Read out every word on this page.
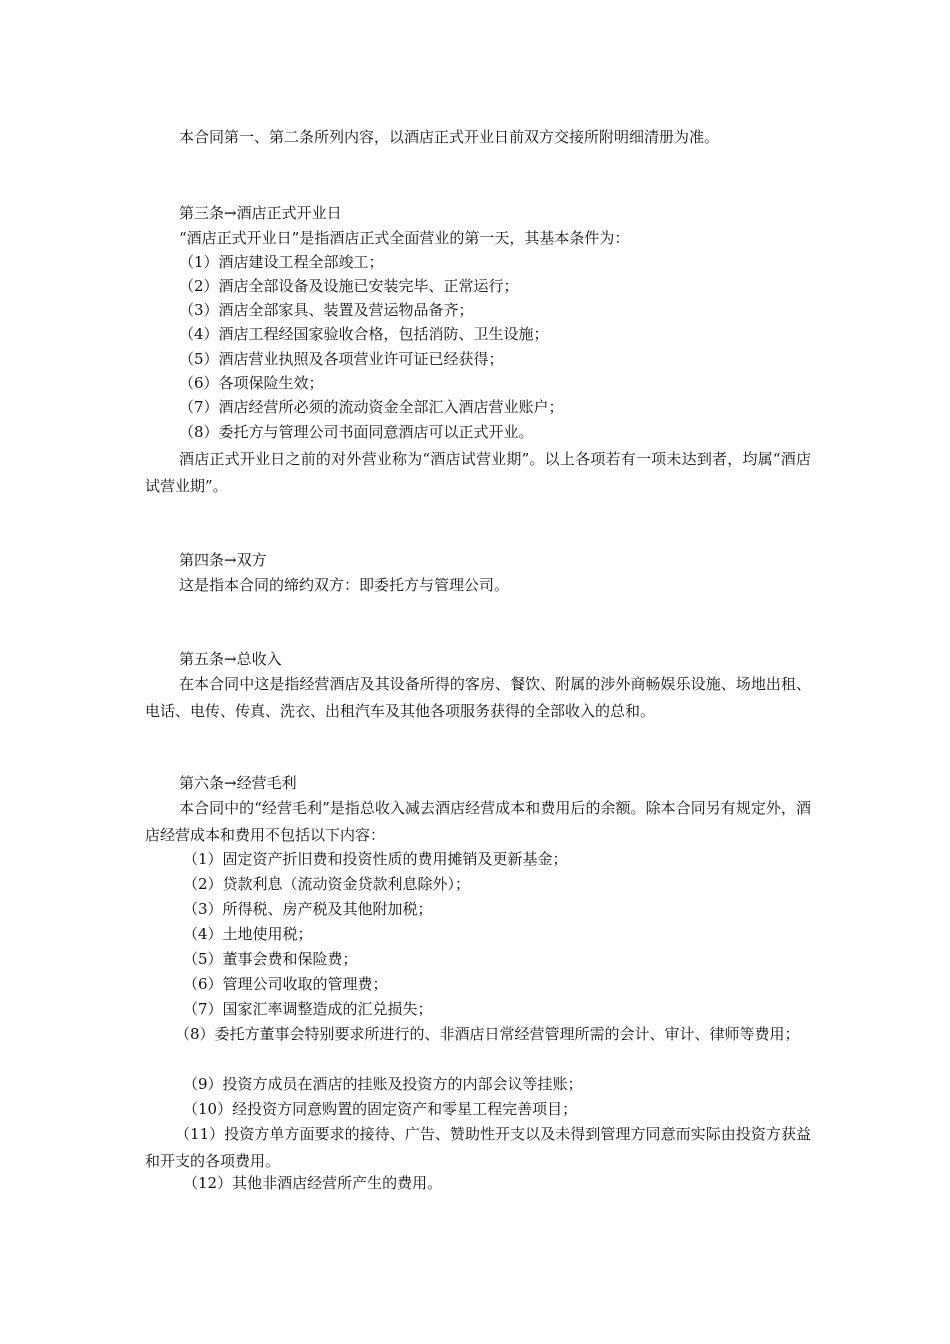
本合同第一、第二条所列内容，以酒店正式开业日前双方交接所附明细清册为准。

第三条→酒店正式开业日

“酒店正式开业日”是指酒店正式全面营业的第一天，其基本条件为：

（1）酒店建设工程全部竣工；

（2）酒店全部设备及设施已安装完毕、正常运行；

（3）酒店全部家具、装置及营运物品备齐；

（4）酒店工程经国家验收合格，包括消防、卫生设施；

（5）酒店营业执照及各项营业许可证已经获得；

（6）各项保险生效；

（7）酒店经营所必须的流动资金全部汇入酒店营业账户；

（8）委托方与管理公司书面同意酒店可以正式开业。

酒店正式开业日之前的对外营业称为“酒店试营业期”。以上各项若有一项未达到者，均属“酒店试营业期”。

第四条→双方

这是指本合同的缔约双方：即委托方与管理公司。

第五条→总收入

在本合同中这是指经营酒店及其设备所得的客房、餐饮、附属的涉外商畅娱乐设施、场地出租、电话、电传、传真、洗衣、出租汽车及其他各项服务获得的全部收入的总和。

第六条→经营毛利

本合同中的“经营毛利”是指总收入减去酒店经营成本和费用后的余额。除本合同另有规定外，酒店经营成本和费用不包括以下内容：

（1）固定资产折旧费和投资性质的费用摊销及更新基金；

（2）贷款利息（流动资金贷款利息除外）；

（3）所得税、房产税及其他附加税；

（4）土地使用税；

（5）董事会费和保险费；

（6）管理公司收取的管理费；

（7）国家汇率调整造成的汇兑损失；

（8）委托方董事会特别要求所进行的、非酒店日常经营管理所需的会计、审计、律师等费用；

（9）投资方成员在酒店的挂账及投资方的内部会议等挂账；

（10）经投资方同意购置的固定资产和零星工程完善项目；

（11）投资方单方面要求的接待、广告、赞助性开支以及未得到管理方同意而实际由投资方获益和开支的各项费用。

（12）其他非酒店经营所产生的费用。
